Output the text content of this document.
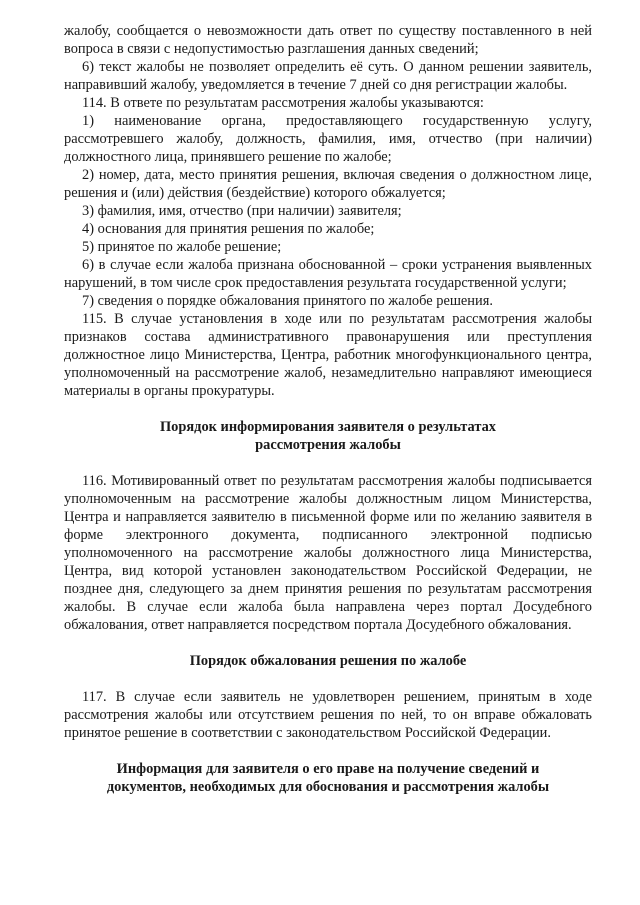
жалобу, сообщается о невозможности дать ответ по существу поставленного в ней вопроса в связи с недопустимостью разглашения данных сведений;

6) текст жалобы не позволяет определить её суть. О данном решении заявитель, направивший жалобу, уведомляется в течение 7 дней со дня регистрации жалобы.

114. В ответе по результатам рассмотрения жалобы указываются:

1) наименование органа, предоставляющего государственную услугу, рассмотревшего жалобу, должность, фамилия, имя, отчество (при наличии) должностного лица, принявшего решение по жалобе;

2) номер, дата, место принятия решения, включая сведения о должностном лице, решения и (или) действия (бездействие) которого обжалуется;

3) фамилия, имя, отчество (при наличии) заявителя;

4) основания для принятия решения по жалобе;

5) принятое по жалобе решение;

6) в случае если жалоба признана обоснованной – сроки устранения выявленных нарушений, в том числе срок предоставления результата государственной услуги;

7) сведения о порядке обжалования принятого по жалобе решения.

115. В случае установления в ходе или по результатам рассмотрения жалобы признаков состава административного правонарушения или преступления должностное лицо Министерства, Центра, работник многофункционального центра, уполномоченный на рассмотрение жалоб, незамедлительно направляют имеющиеся материалы в органы прокуратуры.

Порядок информирования заявителя о результатах
рассмотрения жалобы

116. Мотивированный ответ по результатам рассмотрения жалобы подписывается уполномоченным на рассмотрение жалобы должностным лицом Министерства, Центра и направляется заявителю в письменной форме или по желанию заявителя в форме электронного документа, подписанного электронной подписью уполномоченного на рассмотрение жалобы должностного лица Министерства, Центра, вид которой установлен законодательством Российской Федерации, не позднее дня, следующего за днем принятия решения по результатам рассмотрения жалобы. В случае если жалоба была направлена через портал Досудебного обжалования, ответ направляется посредством портала Досудебного обжалования.

Порядок обжалования решения по жалобе

117. В случае если заявитель не удовлетворен решением, принятым в ходе рассмотрения жалобы или отсутствием решения по ней, то он вправе обжаловать принятое решение в соответствии с законодательством Российской Федерации.

Информация для заявителя о его праве на получение сведений и
документов, необходимых для обоснования и рассмотрения жалобы
